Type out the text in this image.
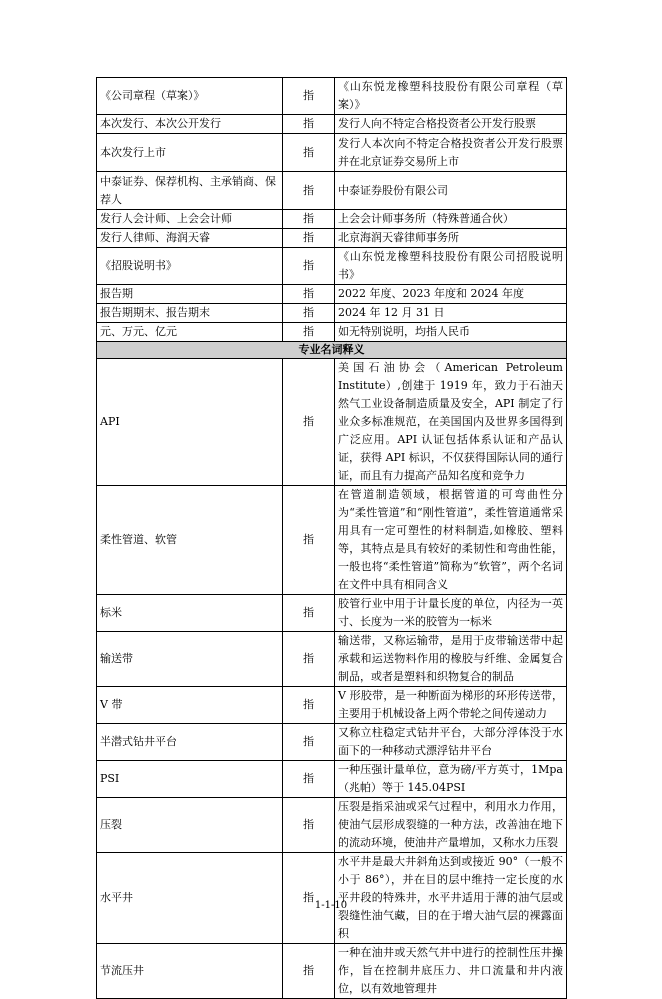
《公司章程（草案）》	指	《山东悦龙橡塑科技股份有限公司章程（草案）》
本次发行、本次公开发行	指	发行人向不特定合格投资者公开发行股票
本次发行上市	指	发行人本次向不特定合格投资者公开发行股票并在北京证券交易所上市
中泰证券、保荐机构、主承销商、保荐人	指	中泰证券股份有限公司
发行人会计师、上会会计师	指	上会会计师事务所（特殊普通合伙）
发行人律师、海润天睿	指	北京海润天睿律师事务所
《招股说明书》	指	《山东悦龙橡塑科技股份有限公司招股说明书》
报告期	指	2022 年度、2023 年度和 2024 年度
报告期期末、报告期末	指	2024 年 12 月 31 日
元、万元、亿元	指	如无特别说明，均指人民币
专业名词释义		
API	指	美国石油协会（American Petroleum Institute）,创建于 1919 年，致力于石油天然气工业设备制造质量及安全，API 制定了行业众多标准规范，在美国国内及世界多国得到广泛应用。API 认证包括体系认证和产品认证，获得 API 标识，不仅获得国际认同的通行证，而且有力提高产品知名度和竞争力
柔性管道、软管	指	在管道制造领域，根据管道的可弯曲性分为“柔性管道”和“刚性管道”，柔性管道通常采用具有一定可塑性的材料制造,如橡胶、塑料等，其特点是具有较好的柔韧性和弯曲性能，一般也将“柔性管道”简称为“软管”，两个名词在文件中具有相同含义
标米	指	胶管行业中用于计量长度的单位，内径为一英寸、长度为一米的胶管为一标米
输送带	指	输送带，又称运输带，是用于皮带输送带中起承载和运送物料作用的橡胶与纤维、金属复合制品，或者是塑料和织物复合的制品
V 带	指	V 形胶带，是一种断面为梯形的环形传送带，主要用于机械设备上两个带轮之间传递动力
半潜式钻井平台	指	又称立柱稳定式钻井平台，大部分浮体没于水面下的一种移动式漂浮钻井平台
PSI	指	一种压强计量单位，意为磅/平方英寸，1Mpa（兆帕）等于 145.04PSI
压裂	指	压裂是指采油或采气过程中，利用水力作用，使油气层形成裂缝的一种方法，改善油在地下的流动环境，使油井产量增加，又称水力压裂
水平井	指	水平井是最大井斜角达到或接近 90°（一般不小于 86°），并在目的层中维持一定长度的水平井段的特殊井，水平井适用于薄的油气层或裂缝性油气藏，目的在于增大油气层的裸露面积
节流压井	指	一种在油井或天然气井中进行的控制性压井操作，旨在控制井底压力、井口流量和井内液位，以有效地管理井
1-1-10
